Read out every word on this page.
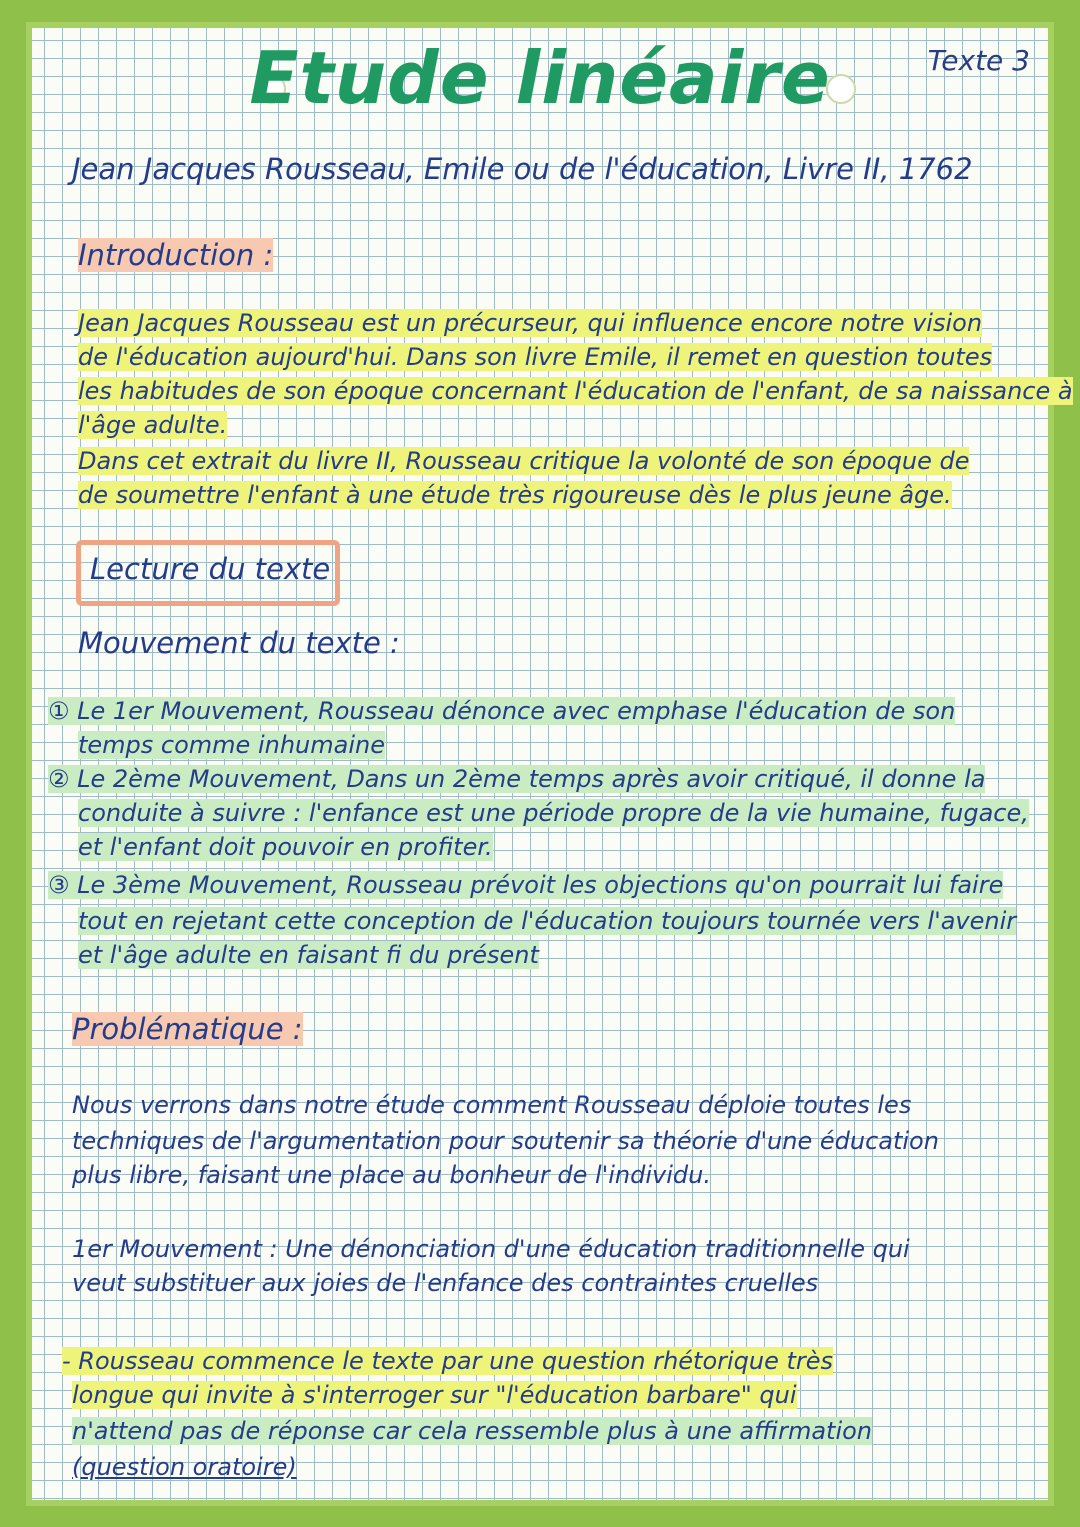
Etude linéaire	Texte 3
Jean Jacques Rousseau, Emile ou de l'éducation, Livre II, 1762
Introduction :
Jean Jacques Rousseau est un précurseur, qui influence encore notre vision
de l'éducation aujourd'hui. Dans son livre Emile, il remet en question toutes
les habitudes de son époque concernant l'éducation de l'enfant, de sa naissance à
l'âge adulte.
Dans cet extrait du livre II, Rousseau critique la volonté de son époque de
de soumettre l'enfant à une étude très rigoureuse dès le plus jeune âge.
Lecture du texte
Mouvement du texte :
① Le 1er Mouvement, Rousseau dénonce avec emphase l'éducation de son
temps comme inhumaine
② Le 2ème Mouvement, Dans un 2ème temps après avoir critiqué, il donne la
conduite à suivre : l'enfance est une période propre de la vie humaine, fugace,
et l'enfant doit pouvoir en profiter.
③ Le 3ème Mouvement, Rousseau prévoit les objections qu'on pourrait lui faire
tout en rejetant cette conception de l'éducation toujours tournée vers l'avenir
et l'âge adulte en faisant fi du présent
Problématique :
Nous verrons dans notre étude comment Rousseau déploie toutes les
techniques de l'argumentation pour soutenir sa théorie d'une éducation
plus libre, faisant une place au bonheur de l'individu.
1er Mouvement : Une dénonciation d'une éducation traditionnelle qui
veut substituer aux joies de l'enfance des contraintes cruelles
- Rousseau commence le texte par une question rhétorique très
longue qui invite à s'interroger sur "l'éducation barbare" qui
n'attend pas de réponse car cela ressemble plus à une affirmation
(question oratoire)
